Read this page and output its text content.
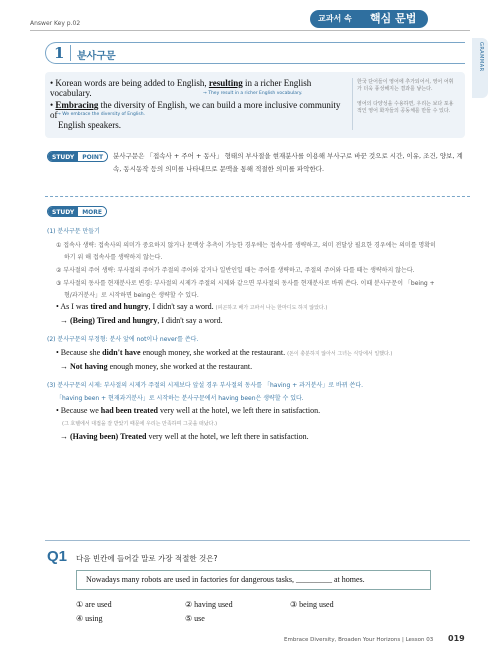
Answer Key p.02
교과서 속	핵심 문법
GRAMMAR
1 분사구문
• Korean words are being added to English, resulting in a richer English vocabulary.	→ They result in a richer English vocabulary.
• Embracing the diversity of English, we can build a more inclusive community of → We embrace the diversity of English.
English speakers.
한국 단어들이 영어에 추가되어서, 영어 어휘가 더욱 풍성해지는 결과를 낳는다.
영어의 다양성을 수용하면, 우리는 보다 포용적인 영어 화자들의 공동체를 만들 수 있다.
STUDY	POINT	분사구문은 「접속사 + 주어 + 동사」 형태의 부사절을 현재분사를 이용해 부사구로 바꾼 것으로 시간, 이유, 조건, 양보, 계속, 동시동작 등의 의미를 나타내므로 문맥을 통해 적절한 의미를 파악한다.
STUDY	MORE
(1) 분사구문 만들기
① 접속사 생략: 접속사의 의미가 중요하지 않거나 문맥상 추측이 가능한 경우에는 접속사를 생략하고, 의미 전달상 필요한 경우에는 의미를 명확히
하기 위 해 접속사를 생략하지 않는다.
② 부사절의 주어 생략: 부사절의 주어가 주절의 주어와 같거나 일반인일 때는 주어를 생략하고, 주절의 주어와 다를 때는 생략하지 않는다.
③ 부사절의 동사를 현재분사로 변경: 부사절의 시제가 주절의 시제와 같으면 부사절의 동사를 현재분사로 바꿔 쓴다. 이때 분사구문이 「being +
형/과거분사」로 시작하면 being은 생략할 수 있다.
• As I was tired and hungry, I didn't say a word. (피곤하고 배가 고파서 나는 한마디도 하지 않았다.)
→ (Being) Tired and hungry, I didn't say a word.
(2) 분사구문의 부정형: 분사 앞에 not이나 never를 쓴다.
• Because she didn't have enough money, she worked at the restaurant. (돈이 충분하지 않아서 그녀는 식당에서 일했다.)
→ Not having enough money, she worked at the restaurant.
(3) 분사구문의 시제: 부사절의 시제가 주절의 시제보다 앞설 경우 부사절의 동사를 「having + 과거분사」로 바뀌 쓴다.
「having been + 현재과거분사」로 시작하는 분사구문에서 having been은 생략할 수 있다.
• Because we had been treated very well at the hotel, we left there in satisfaction.
(그 호텔에서 대접을 잘 받았기 때문에 우리는 만족하며 그곳을 떠났다.)
→ (Having been) Treated very well at the hotel, we left there in satisfaction.
Q1 다음 빈칸에 들어갈 말로 가장 적절한 것은?
Nowadays many robots are used in factories for dangerous tasks, _________ at homes.
① are used	② having used	③ being used
④ using	⑤ use
Embrace Diversity, Broaden Your Horizons | Lesson 03 019
